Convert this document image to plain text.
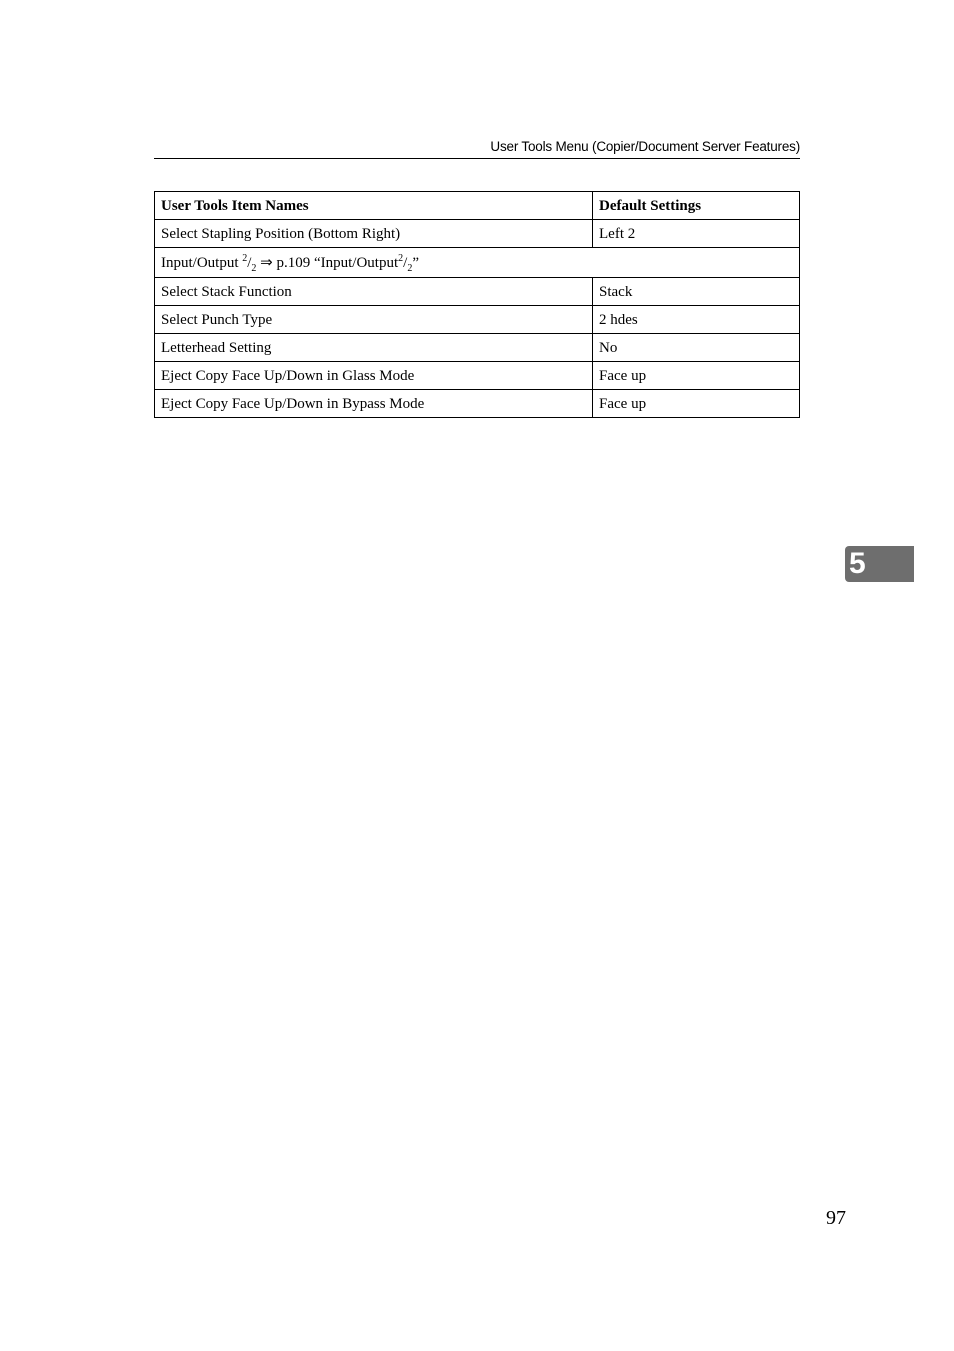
User Tools Menu (Copier/Document Server Features)
User Tools Item Names	Default Settings
Select Stapling Position (Bottom Right)	Left 2
Input/Output $^2/_2$ ⇒ p.109 “$Input/Output^2/_2$”	
Select Stack Function	Stack
Select Punch Type	2 hdes
Letterhead Setting	No
Eject Copy Face Up/Down in Glass Mode	Face up
Eject Copy Face Up/Down in Bypass Mode	Face up
5
97
